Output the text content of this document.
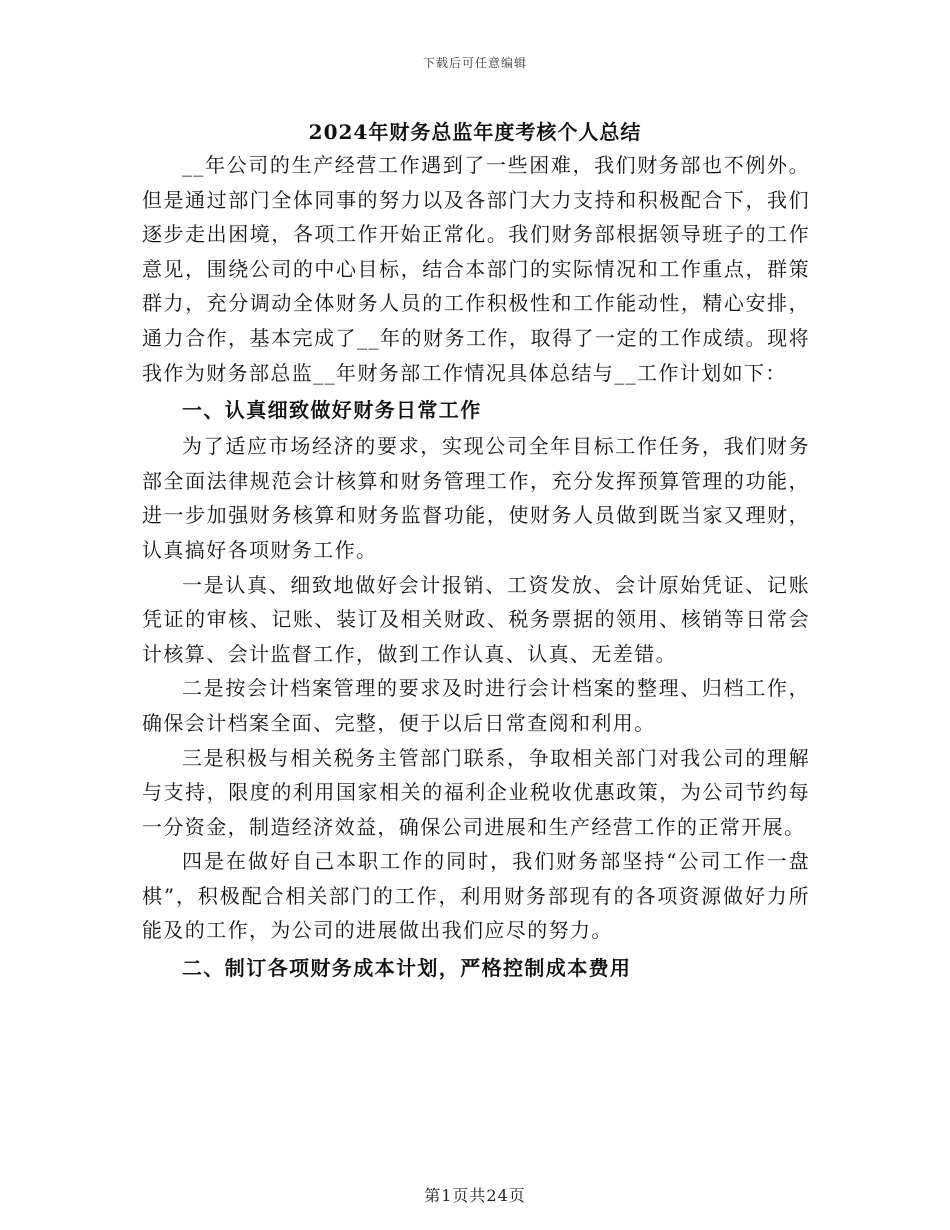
下载后可任意编辑
2024年财务总监年度考核个人总结

__年公司的生产经营工作遇到了一些困难，我们财务部也不例外。但是通过部门全体同事的努力以及各部门大力支持和积极配合下，我们逐步走出困境，各项工作开始正常化。我们财务部根据领导班子的工作意见，围绕公司的中心目标，结合本部门的实际情况和工作重点，群策群力，充分调动全体财务人员的工作积极性和工作能动性，精心安排，通力合作，基本完成了__年的财务工作，取得了一定的工作成绩。现将我作为财务部总监__年财务部工作情况具体总结与__工作计划如下：

一、认真细致做好财务日常工作

为了适应市场经济的要求，实现公司全年目标工作任务，我们财务部全面法律规范会计核算和财务管理工作，充分发挥预算管理的功能，进一步加强财务核算和财务监督功能，使财务人员做到既当家又理财，认真搞好各项财务工作。

一是认真、细致地做好会计报销、工资发放、会计原始凭证、记账凭证的审核、记账、装订及相关财政、税务票据的领用、核销等日常会计核算、会计监督工作，做到工作认真、认真、无差错。

二是按会计档案管理的要求及时进行会计档案的整理、归档工作，确保会计档案全面、完整，便于以后日常查阅和利用。

三是积极与相关税务主管部门联系，争取相关部门对我公司的理解与支持，限度的利用国家相关的福利企业税收优惠政策，为公司节约每一分资金，制造经济效益，确保公司进展和生产经营工作的正常开展。

四是在做好自己本职工作的同时，我们财务部坚持“公司工作一盘棋”，积极配合相关部门的工作，利用财务部现有的各项资源做好力所能及的工作，为公司的进展做出我们应尽的努力。

二、制订各项财务成本计划，严格控制成本费用

第1页共24页
